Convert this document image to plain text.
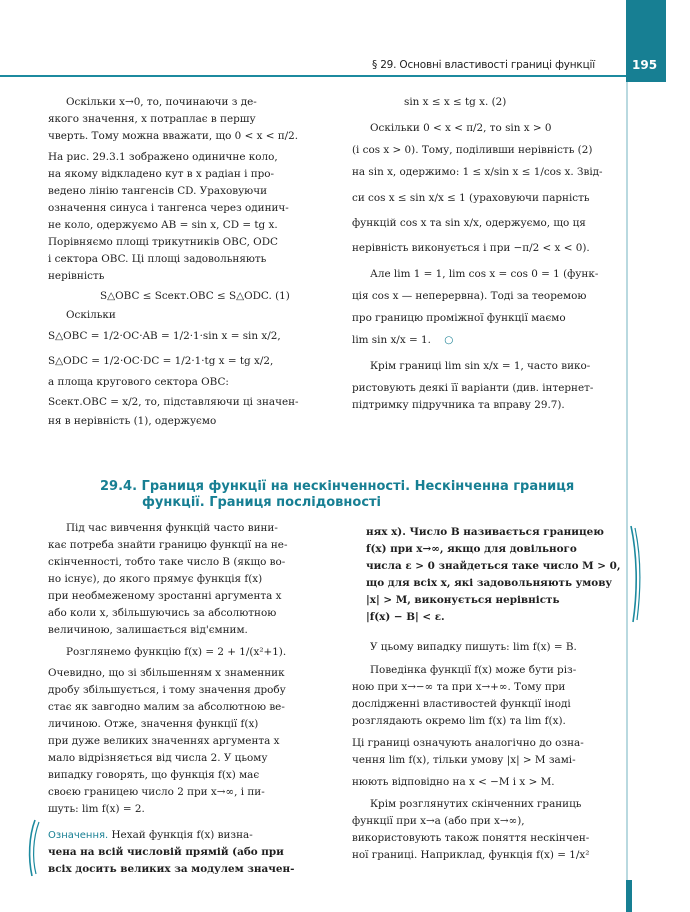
§ 29. Основні властивості границі функції	195
Оскільки x→0, то, починаючи з де-
якого значення, x потраплає в першу
чверть. Тому можна вважати, що 0 < x < π/2.
На рис. 29.3.1 зображено одиничне коло,
на якому відкладено кут в x радіан і про-
ведено лінію тангенсів CD. Ураховуючи
означення синуса і тангенса через одинич-
не коло, одержуємо AB = sin x, CD = tg x.
Порівняємо площі трикутників OBC, ODC
і сектора OBC. Ці площі задовольняють
нерівність
S△OBC ≤ Sсект.OBC ≤ S△ODC. (1)
Оскільки
S△OBC = 1/2·OC·AB = 1/2·1·sin x = sin x/2,
S△ODC = 1/2·OC·DC = 1/2·1·tg x = tg x/2,
а площа кругового сектора OBC:
Sсект.OBC = x/2, то, підставляючи ці значен-
ня в нерівність (1), одержуємо
sin x ≤ x ≤ tg x. (2)
Оскільки 0 < x < π/2, то sin x > 0
(і cos x > 0). Тому, поділивши нерівність (2)
на sin x, одержимо: 1 ≤ x/sin x ≤ 1/cos x. Звід-
си cos x ≤ sin x/x ≤ 1 (ураховуючи парність
функцій cos x та sin x/x, одержуємо, що ця
нерівність виконується і при −π/2 < x < 0).
Але lim 1 = 1, lim cos x = cos 0 = 1 (функ-
ція cos x — неперервна). Тоді за теоремою
про границю проміжної функції маємо
lim sin x/x = 1. ○
Крім границі lim sin x/x = 1, часто вико-
ристовують деякі її варіанти (див. інтернет-
підтримку підручника та вправу 29.7).
29.4. Границя функції на нескінченності. Нескінченна границя
функції. Границя послідовності
Під час вивчення функцій часто вини-
кає потреба знайти границю функції на не-
скінченності, тобто таке число B (якщо во-
но існує), до якого прямує функція f(x)
при необмеженому зростанні аргумента x
або коли x, збільшуючись за абсолютною
величиною, залишається від'ємним.
Розглянемо функцію f(x) = 2 + 1/(x²+1).
Очевидно, що зі збільшенням x знаменник
дробу збільшується, і тому значення дробу
стає як завгодно малим за абсолютною ве-
личиною. Отже, значення функції f(x)
при дуже великих значеннях аргумента x
мало відрізняється від числа 2. У цьому
випадку говорять, що функція f(x) має
своєю границею число 2 при x→∞, і пи-
шуть: lim f(x) = 2.
Означення. Нехай функція f(x) визна-
чена на всій числовій прямій (або при
всіх досить великих за модулем значен-
нях x). Число B називається границею
f(x) при x→∞, якщо для довільного
числа ε > 0 знайдеться таке число M > 0,
що для всіх x, які задовольняють умову
|x| > M, виконується нерівність
|f(x) − B| < ε.
У цьому випадку пишуть: lim f(x) = B.
Поведінка функції f(x) може бути різ-
ною при x→−∞ та при x→+∞. Тому при
дослідженні властивостей функції іноді
розглядають окремо lim f(x) та lim f(x).
Ці границі означують аналогічно до озна-
чення lim f(x), тільки умову |x| > M замі-
нюють відповідно на x < −M і x > M.
Крім розглянутих скінченних границь
функції при x→a (або при x→∞),
використовують також поняття нескінчен-
ної границі. Наприклад, функція f(x) = 1/x²
